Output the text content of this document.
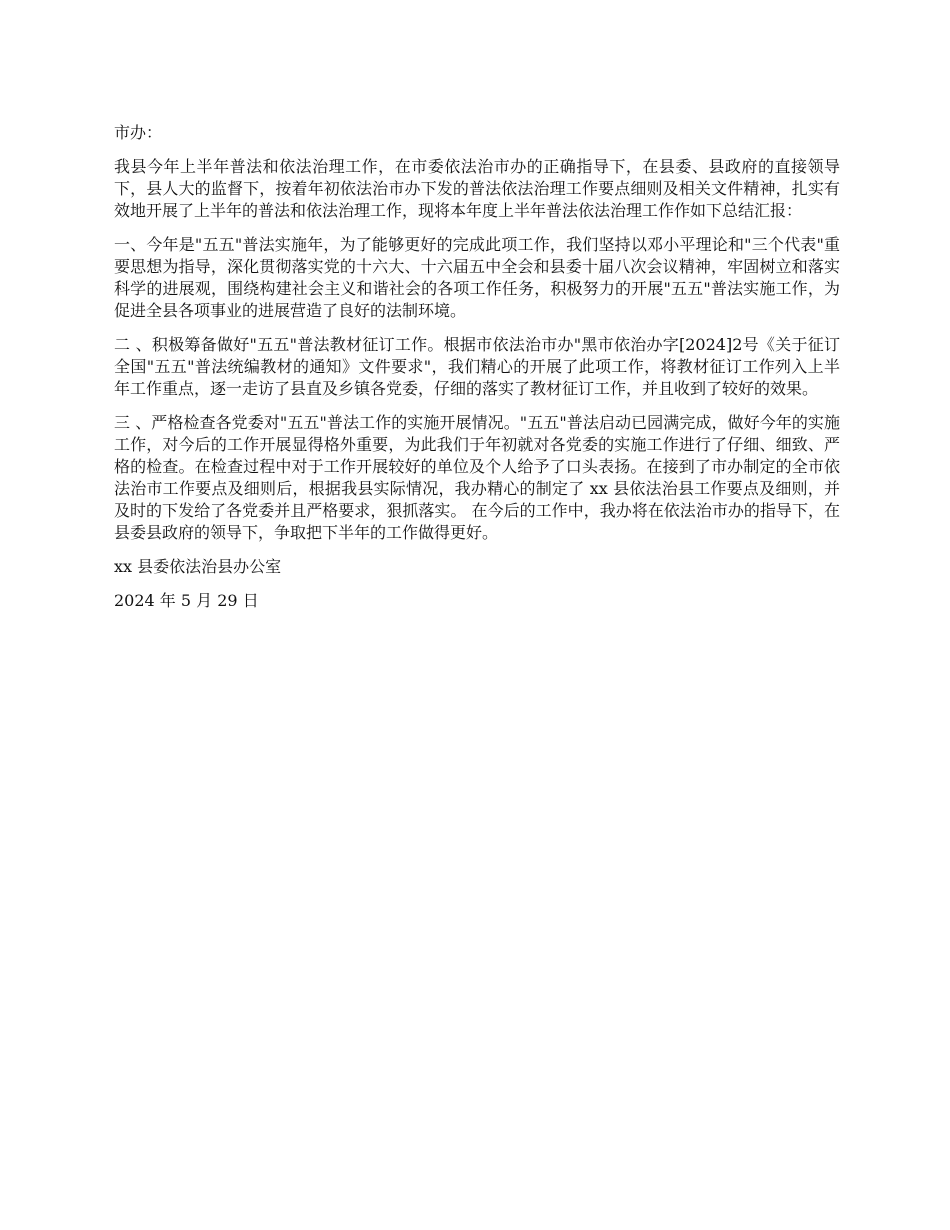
市办：

我县今年上半年普法和依法治理工作，在市委依法治市办的正确指导下，在县委、县政府的直接领导下，县人大的监督下，按着年初依法治市办下发的普法依法治理工作要点细则及相关文件精神，扎实有效地开展了上半年的普法和依法治理工作，现将本年度上半年普法依法治理工作作如下总结汇报：

一、今年是"五五"普法实施年，为了能够更好的完成此项工作，我们坚持以邓小平理论和"三个代表"重要思想为指导，深化贯彻落实党的十六大、十六届五中全会和县委十届八次会议精神，牢固树立和落实科学的进展观，围绕构建社会主义和谐社会的各项工作任务，积极努力的开展"五五"普法实施工作，为促进全县各项事业的进展营造了良好的法制环境。

二 、积极筹备做好"五五"普法教材征订工作。根据市依法治市办"黑市依治办字[2024]2号《关于征订全国"五五"普法统编教材的通知》文件要求"，我们精心的开展了此项工作，将教材征订工作列入上半年工作重点，逐一走访了县直及乡镇各党委，仔细的落实了教材征订工作，并且收到了较好的效果。

三 、严格检查各党委对"五五"普法工作的实施开展情况。"五五"普法启动已园满完成，做好今年的实施工作，对今后的工作开展显得格外重要，为此我们于年初就对各党委的实施工作进行了仔细、细致、严格的检查。在检查过程中对于工作开展较好的单位及个人给予了口头表扬。在接到了市办制定的全市依法治市工作要点及细则后，根据我县实际情况，我办精心的制定了 xx 县依法治县工作要点及细则，并及时的下发给了各党委并且严格要求，狠抓落实。 在今后的工作中，我办将在依法治市办的指导下，在县委县政府的领导下，争取把下半年的工作做得更好。

xx 县委依法治县办公室

2024 年 5 月 29 日
